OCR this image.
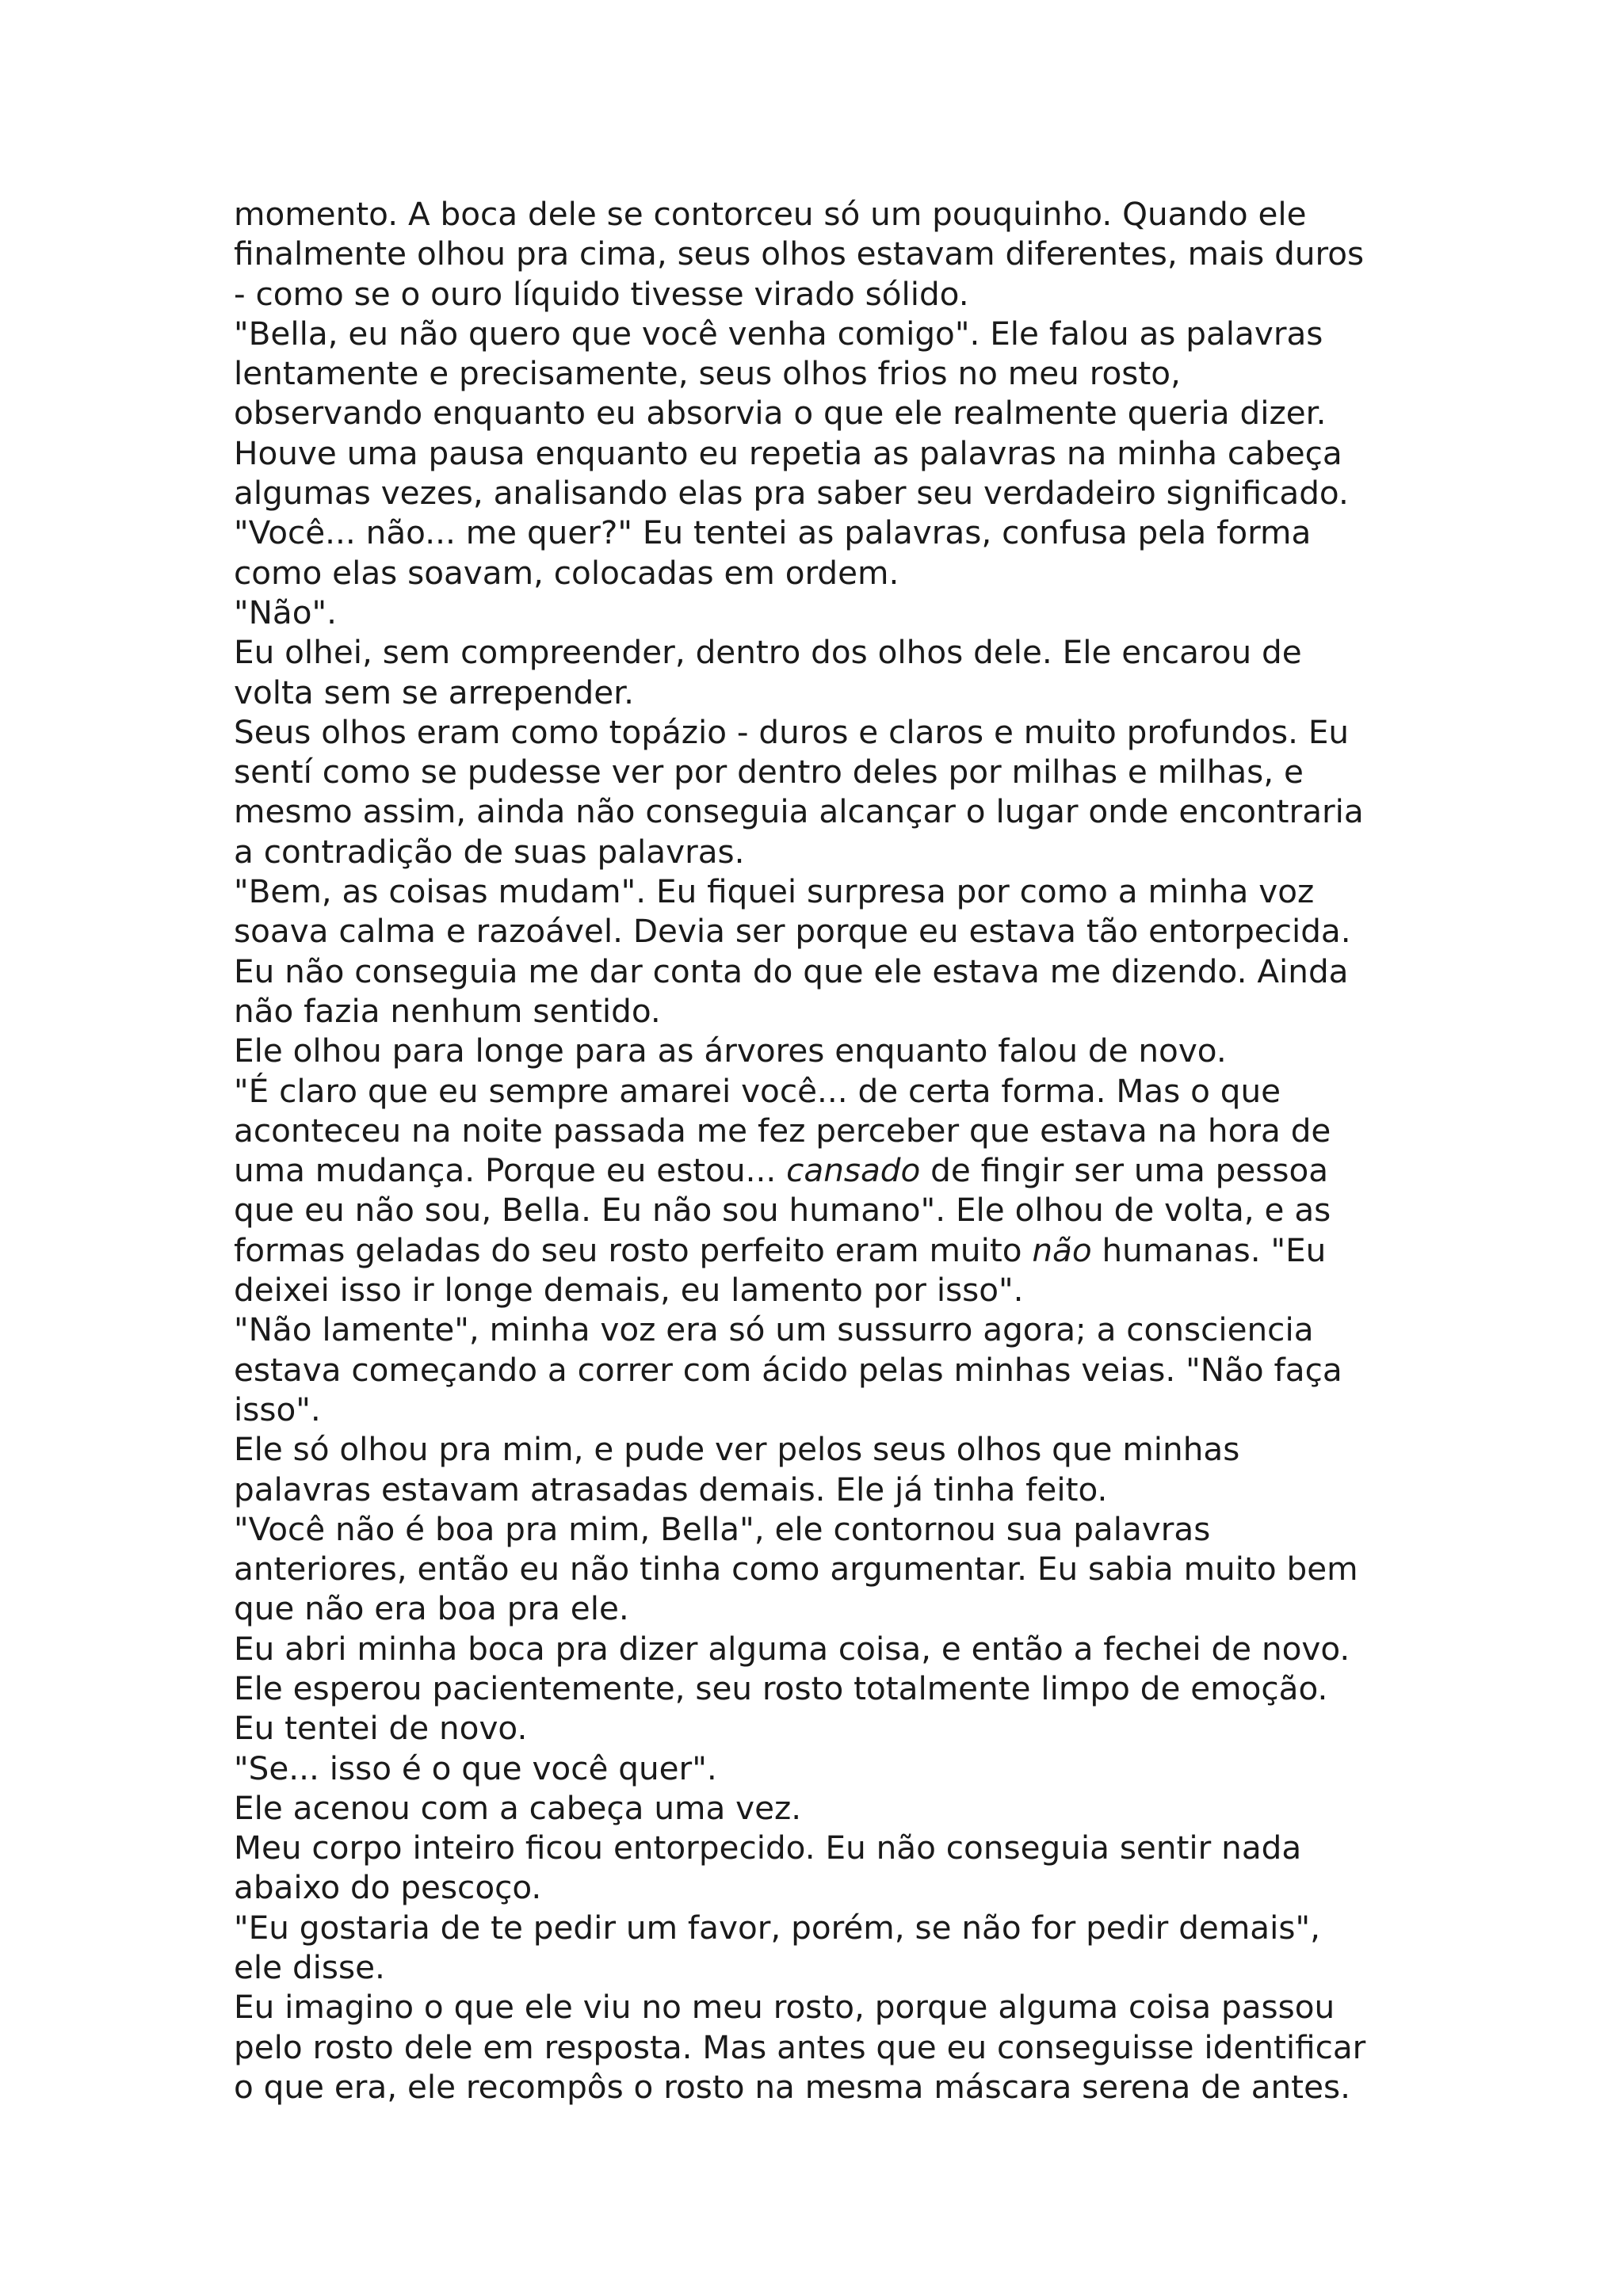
momento. A boca dele se contorceu só um pouquinho. Quando ele
finalmente olhou pra cima, seus olhos estavam diferentes, mais duros
- como se o ouro líquido tivesse virado sólido.
"Bella, eu não quero que você venha comigo". Ele falou as palavras
lentamente e precisamente, seus olhos frios no meu rosto,
observando enquanto eu absorvia o que ele realmente queria dizer.
Houve uma pausa enquanto eu repetia as palavras na minha cabeça
algumas vezes, analisando elas pra saber seu verdadeiro significado.
"Você... não... me quer?" Eu tentei as palavras, confusa pela forma
como elas soavam, colocadas em ordem.
"Não".
Eu olhei, sem compreender, dentro dos olhos dele. Ele encarou de
volta sem se arrepender.
Seus olhos eram como topázio - duros e claros e muito profundos. Eu
sentí como se pudesse ver por dentro deles por milhas e milhas, e
mesmo assim, ainda não conseguia alcançar o lugar onde encontraria
a contradição de suas palavras.
"Bem, as coisas mudam". Eu fiquei surpresa por como a minha voz
soava calma e razoável. Devia ser porque eu estava tão entorpecida.
Eu não conseguia me dar conta do que ele estava me dizendo. Ainda
não fazia nenhum sentido.
Ele olhou para longe para as árvores enquanto falou de novo.
"É claro que eu sempre amarei você... de certa forma. Mas o que
aconteceu na noite passada me fez perceber que estava na hora de
uma mudança. Porque eu estou... cansado de fingir ser uma pessoa
que eu não sou, Bella. Eu não sou humano". Ele olhou de volta, e as
formas geladas do seu rosto perfeito eram muito não humanas. "Eu
deixei isso ir longe demais, eu lamento por isso".
"Não lamente", minha voz era só um sussurro agora; a consciencia
estava começando a correr com ácido pelas minhas veias. "Não faça
isso".
Ele só olhou pra mim, e pude ver pelos seus olhos que minhas
palavras estavam atrasadas demais. Ele já tinha feito.
"Você não é boa pra mim, Bella", ele contornou sua palavras
anteriores, então eu não tinha como argumentar. Eu sabia muito bem
que não era boa pra ele.
Eu abri minha boca pra dizer alguma coisa, e então a fechei de novo.
Ele esperou pacientemente, seu rosto totalmente limpo de emoção.
Eu tentei de novo.
"Se... isso é o que você quer".
Ele acenou com a cabeça uma vez.
Meu corpo inteiro ficou entorpecido. Eu não conseguia sentir nada
abaixo do pescoço.
"Eu gostaria de te pedir um favor, porém, se não for pedir demais",
ele disse.
Eu imagino o que ele viu no meu rosto, porque alguma coisa passou
pelo rosto dele em resposta. Mas antes que eu conseguisse identificar
o que era, ele recompôs o rosto na mesma máscara serena de antes.
